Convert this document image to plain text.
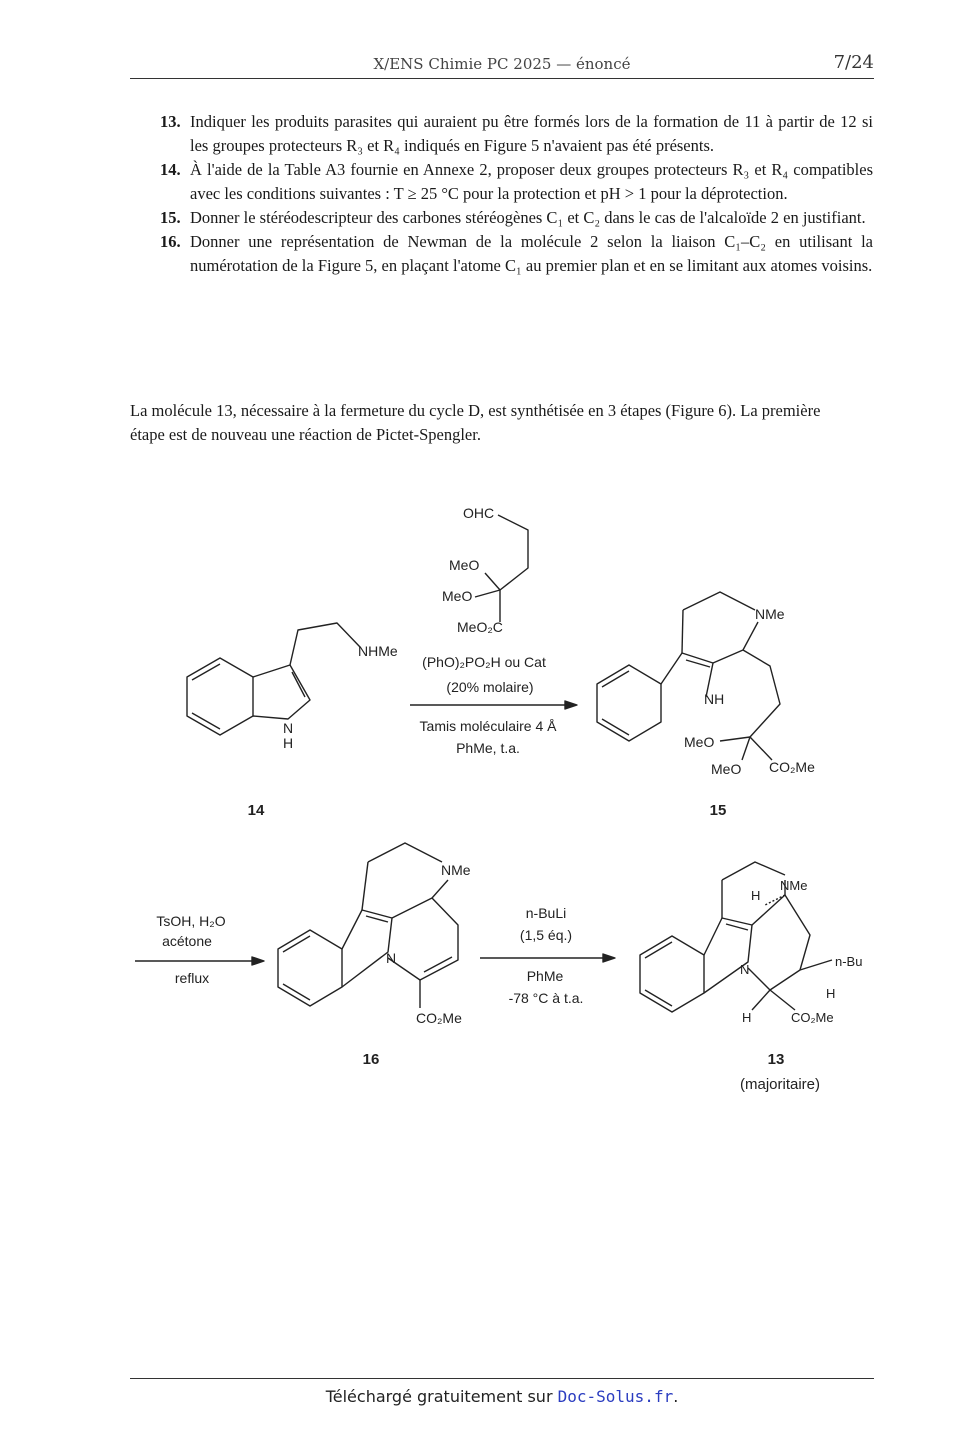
X/ENS Chimie PC 2025 — énoncé	7/24
13. Indiquer les produits parasites qui auraient pu être formés lors de la formation de 11 à partir de 12 si les groupes protecteurs R₃ et R₄ indiqués en Figure 5 n'avaient pas été présents.
14. À l'aide de la Table A3 fournie en Annexe 2, proposer deux groupes protecteurs R₃ et R₄ compatibles avec les conditions suivantes : T ≥ 25 °C pour la protection et pH > 1 pour la déprotection.
15. Donner le stéréodescripteur des carbones stéréogènes C₁ et C₂ dans le cas de l'alcaloïde 2 en justifiant.
16. Donner une représentation de Newman de la molécule 2 selon la liaison C₁–C₂ en utilisant la numérotation de la Figure 5, en plaçant l'atome C₁ au premier plan et en se limitant aux atomes voisins.
La molécule 13, nécessaire à la fermeture du cycle D, est synthétisée en 3 étapes (Figure 6). La première étape est de nouveau une réaction de Pictet-Spengler.
NHMe
N
H
OHC
MeO
MeO
MeO₂C
(PhO)₂PO₂H ou Cat
(20% molaire)
Tamis moléculaire 4 Å
PhMe, t.a.
NMe
NH
MeO
MeO CO₂Me
TsOH, H₂O
acétone
reflux
NMe
N
CO₂Me
n-BuLi
(1,5 éq.)
PhMe
-78 °C à t.a.
NMe
H
N
n-Bu
H
H	CO₂Me
14	15
16	13
(majoritaire)
Téléchargé gratuitement sur Doc-Solus.fr.
